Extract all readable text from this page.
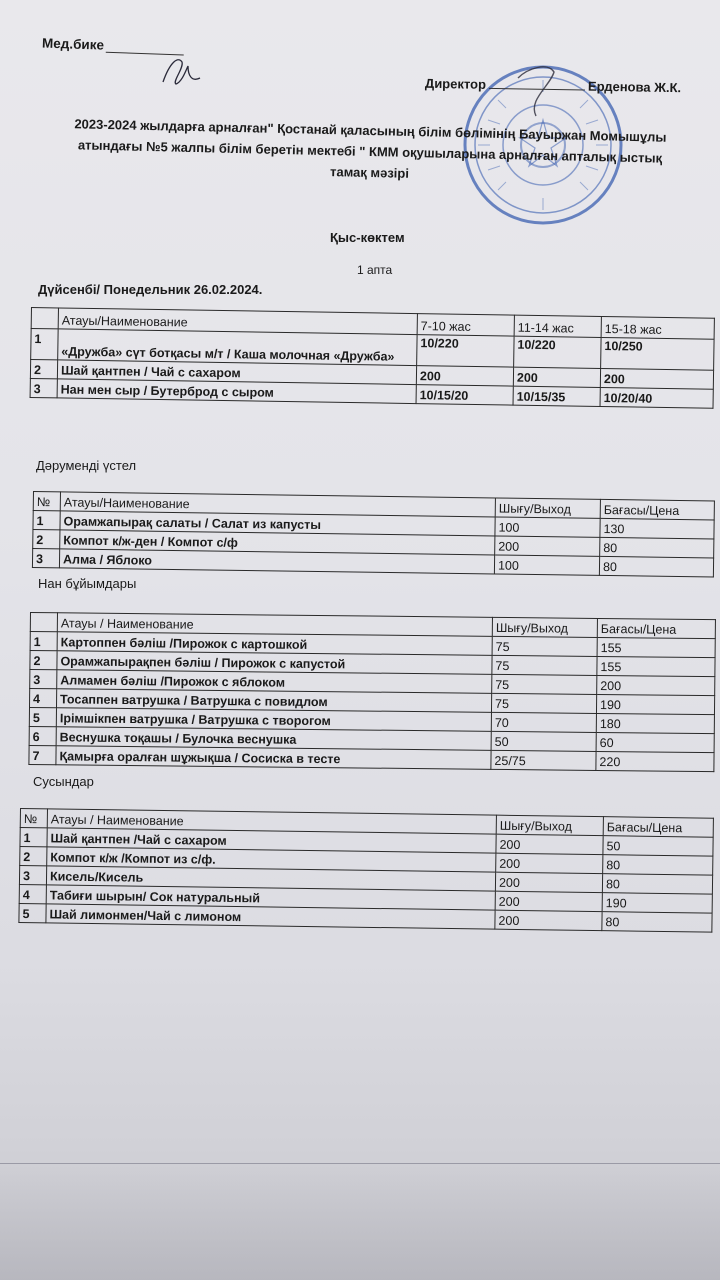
Мед.бике
Директор	Ерденова Ж.К.
2023-2024 жылдарға арналған" Қостанай қаласының білім бөлімінің Бауыржан Момышұлы
атындағы №5 жалпы білім беретін мектебі " КММ оқушыларына арналған апталық ыстық
тамақ мәзірі
Қыс-көктем
1 апта
Дүйсенбі/ Понедельник 26.02.2024.
	Атауы/Наименование	7-10 жас	11-14 жас	15-18 жас
1	«Дружба» сүт ботқасы м/т / Каша молочная «Дружба»	10/220	10/220	10/250
2	Шай қантпен / Чай с сахаром	200	200	200
3	Нан мен сыр / Бутерброд с сыром	10/15/20	10/15/35	10/20/40
Дәруменді үстел
№	Атауы/Наименование	Шығу/Выход	Бағасы/Цена
1	Орамжапырақ салаты / Салат из капусты	100	130
2	Компот к/ж-ден / Компот с/ф	200	80
3	Алма / Яблоко	100	80
Нан бұйымдары
	Атауы / Наименование	Шығу/Выход	Бағасы/Цена
1	Картоппен бәліш /Пирожок с картошкой	75	155
2	Орамжапырақпен бәліш / Пирожок с капустой	75	155
3	Алмамен бәліш /Пирожок с яблоком	75	200
4	Тосаппен ватрушка / Ватрушка с повидлом	75	190
5	Ірімшікпен ватрушка / Ватрушка с творогом	70	180
6	Веснушка тоқашы / Булочка веснушка	50	60
7	Қамырға оралған шұжықша / Сосиска в тесте	25/75	220
Сусындар
№	Атауы / Наименование	Шығу/Выход	Бағасы/Цена
1	Шай қантпен /Чай с сахаром	200	50
2	Компот к/ж /Компот из с/ф.	200	80
3	Кисель/Кисель	200	80
4	Табиғи шырын/ Сок натуральный	200	190
5	Шай лимонмен/Чай с лимоном	200	80
